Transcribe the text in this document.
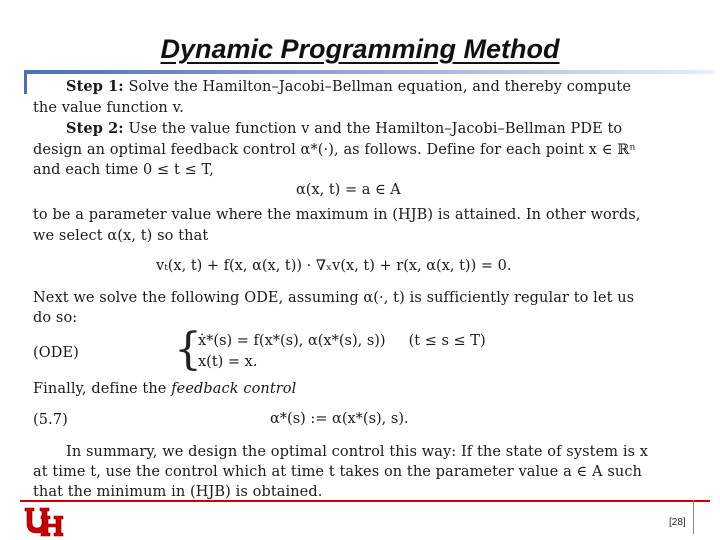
Dynamic Programming Method
Step 1: Solve the Hamilton–Jacobi–Bellman equation, and thereby compute
the value function v.
Step 2: Use the value function v and the Hamilton–Jacobi–Bellman PDE to
design an optimal feedback control α*(·), as follows. Define for each point x ∈ ℝⁿ
and each time 0 ≤ t ≤ T,
α(x, t) = a ∈ A
to be a parameter value where the maximum in (HJB) is attained. In other words,
we select α(x, t) so that
vₜ(x, t) + f(x, α(x, t)) · ∇ₓv(x, t) + r(x, α(x, t)) = 0.
Next we solve the following ODE, assuming α(·, t) is sufficiently regular to let us
do so:
(ODE) {
ẋ*(s) = f(x*(s), α(x*(s), s))     (t ≤ s ≤ T)
x(t) = x.
Finally, define the feedback control
(5.7)	α*(s) := α(x*(s), s).
In summary, we design the optimal control this way: If the state of system is x
at time t, use the control which at time t takes on the parameter value a ∈ A such
that the minimum in (HJB) is obtained.
[28]
